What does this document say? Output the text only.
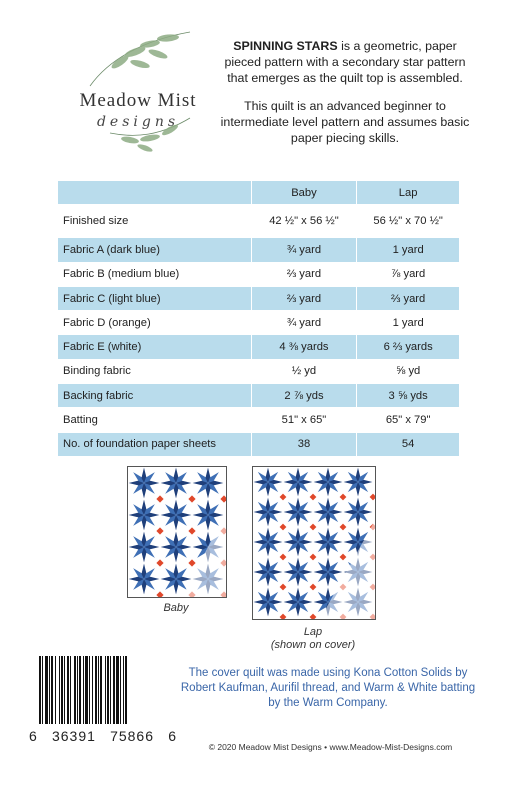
Meadow Mist
designs

SPINNING STARS is a geometric, paper pieced pattern with a secondary star pattern that emerges as the quilt top is assembled.

This quilt is an advanced beginner to intermediate level pattern and assumes basic paper piecing skills.

	Baby	Lap
Finished size	42 ½" x 56 ½"	56 ½" x 70 ½"
Fabric A (dark blue)	¾ yard	1 yard
Fabric B (medium blue)	⅔ yard	⅞ yard
Fabric C (light blue)	⅔ yard	⅔ yard
Fabric D (orange)	¾ yard	1 yard
Fabric E (white)	4 ⅜ yards	6 ⅔ yards
Binding fabric	½ yd	⅝ yd
Backing fabric	2 ⅞ yds	3 ⅝ yds
Batting	51" x 65"	65" x 79"
No. of foundation paper sheets	38	54
Baby
Lap
(shown on cover)
6 36391 75866 6
The cover quilt was made using Kona Cotton Solids by Robert Kaufman, Aurifil thread, and Warm & White batting by the Warm Company.
© 2020 Meadow Mist Designs • www.Meadow-Mist-Designs.com
